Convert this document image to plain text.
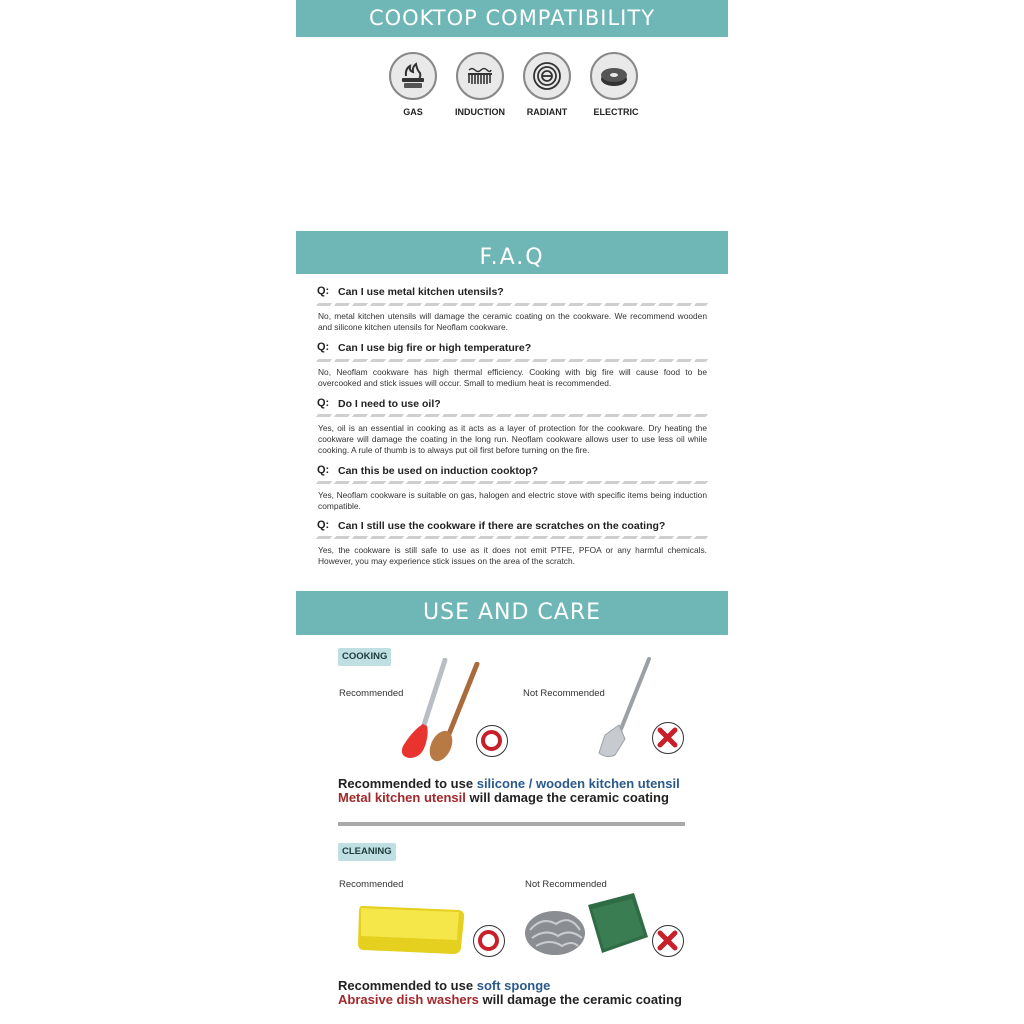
COOKTOP COMPATIBILITY
GAS	INDUCTION	RADIANT	ELECTRIC
F.A.Q
Q: Can I use metal kitchen utensils?
No, metal kitchen utensils will damage the ceramic coating on the cookware. We recommend wooden and silicone kitchen utensils for Neoflam cookware.
Q: Can I use big fire or high temperature?
No, Neoflam cookware has high thermal efficiency. Cooking with big fire will cause food to be overcooked and stick issues will occur. Small to medium heat is recommended.
Q: Do I need to use oil?
Yes, oil is an essential in cooking as it acts as a layer of protection for the cookware. Dry heating the cookware will damage the coating in the long run. Neoflam cookware allows user to use less oil while cooking. A rule of thumb is to always put oil first before turning on the fire.
Q: Can this be used on induction cooktop?
Yes, Neoflam cookware is suitable on gas, halogen and electric stove with specific items being induction compatible.
Q: Can I still use the cookware if there are scratches on the coating?
Yes, the cookware is still safe to use as it does not emit PTFE, PFOA or any harmful chemicals. However, you may experience stick issues on the area of the scratch.
USE AND CARE
COOKING
Recommended	Not Recommended
Recommended to use silicone / wooden kitchen utensil
Metal kitchen utensil will damage the ceramic coating
CLEANING
Recommended	Not Recommended
Recommended to use soft sponge
Abrasive dish washers will damage the ceramic coating
